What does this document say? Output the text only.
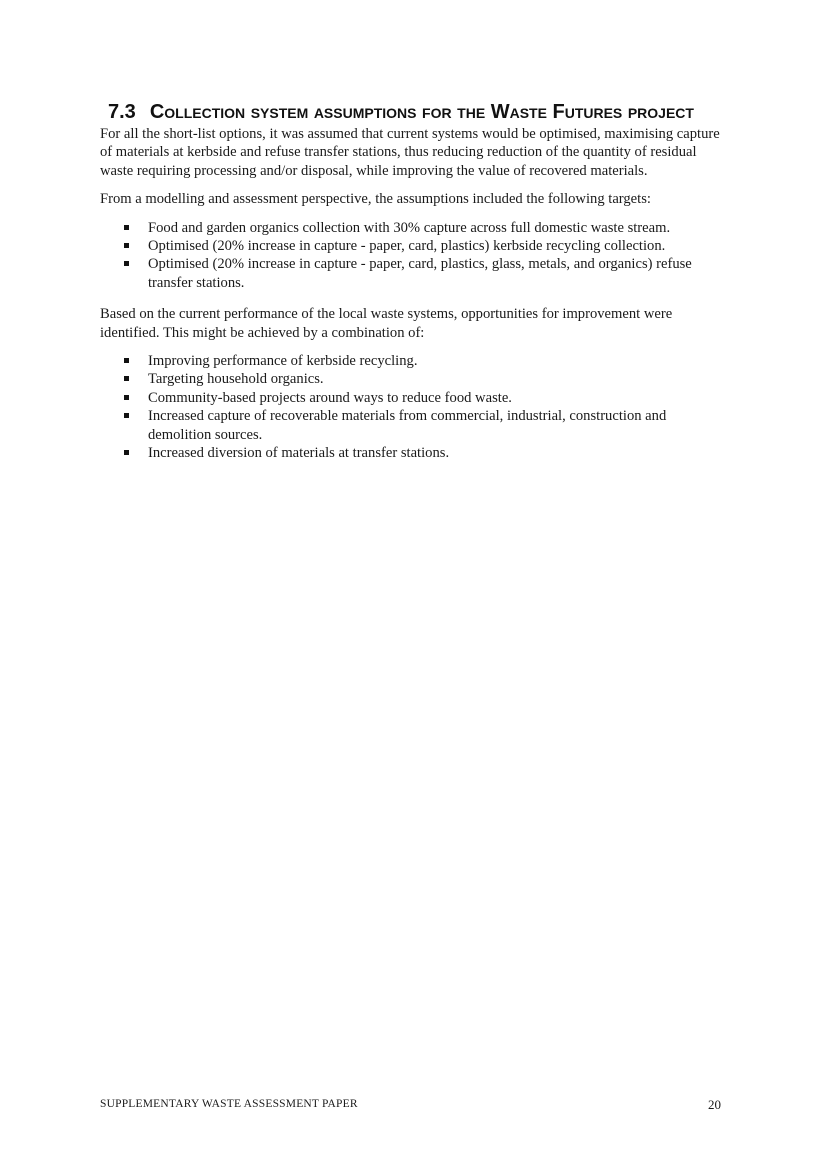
7.3 Collection system assumptions for the Waste Futures project

For all the short-list options, it was assumed that current systems would be optimised, maximising capture of materials at kerbside and refuse transfer stations, thus reducing reduction of the quantity of residual waste requiring processing and/or disposal, while improving the value of recovered materials.

From a modelling and assessment perspective, the assumptions included the following targets:

Food and garden organics collection with 30% capture across full domestic waste stream.
Optimised (20% increase in capture - paper, card, plastics) kerbside recycling collection.
Optimised (20% increase in capture - paper, card, plastics, glass, metals, and organics) refuse transfer stations.

Based on the current performance of the local waste systems, opportunities for improvement were identified. This might be achieved by a combination of:

Improving performance of kerbside recycling.
Targeting household organics.
Community-based projects around ways to reduce food waste.
Increased capture of recoverable materials from commercial, industrial, construction and demolition sources.
Increased diversion of materials at transfer stations.
SUPPLEMENTARY WASTE ASSESSMENT PAPER	20
